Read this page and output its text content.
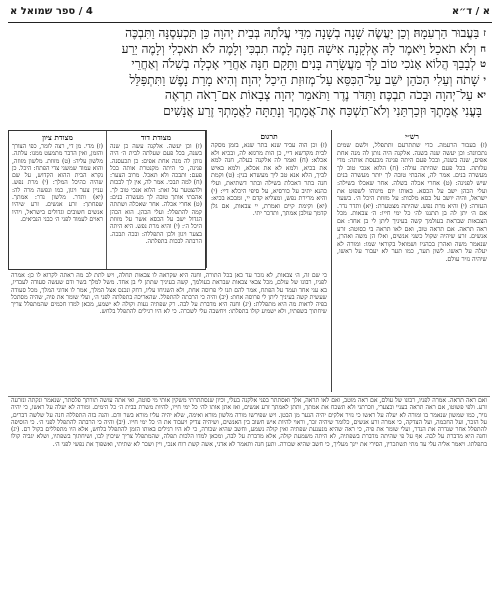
4 / ספר שמואל א	א / ד״א
ז
בַּעֲבוּר הַרְעִמָהּ׃ וְכֵן יַעֲשֶׂה שָׁנָה בְשָׁנָה מִדֵּי עֲלֹתָהּ בְּבֵית יְהוָה כֵּן תַּכְעִסֶנָּה וַתִּבְכֶּה
ח
וְלֹא תֹאכַל׃ וַיֹּאמֶר לָהּ אֶלְקָנָה אִישָׁהּ חַנָּה לָמֶה תִבְכִּי וְלָמֶה לֹא תֹאכְלִי וְלָמֶה יֵרַע
ט
לְבָבֵךְ הֲלוֹא אָנֹכִי טוֹב לָךְ מֵעֲשָׂרָה בָּנִים׃ וַתָּקָם חַנָּה אַחֲרֵי אָכְלָה בְשִׁלֹה וְאַחֲרֵי
י
שָׁתֹה וְעֵלִי הַכֹּהֵן יֹשֵׁב עַל־הַכִּסֵּא עַל־מְזוּזַת הֵיכַל יְהוָה׃ וְהִיא מָרַת נָפֶשׁ וַתִּתְפַּלֵּל
יא
עַל־יְהוָה וּבָכֹה תִבְכֶּה׃ וַתִּדֹּר נֶדֶר וַתֹּאמַר יְהוָה צְבָאוֹת אִם־רָאֹה תִרְאֶה
בָּעֳנִי אֲמָתֶךָ וּזְכַרְתַּנִי וְלֹא־תִשְׁכַּח אֶת־אֲמָתֶךָ וְנָתַתָּה לַאֲמָתְךָ זֶרַע אֲנָשִׁים
מצודת ציון
(ז) מדי. מן די, רצה לומר, כפי הצורך והזמן, ואין הדבר מתמעט ממנו: עלתה. מלשון עליה: (ט) מזוזת. מלשון מזוזה, והוא עמוד שמשני צדי הפתח: היכל. כן נקרא הבית ההוא הקדוש, על שם שהיה כהיכל המלך: (י) מרת נפש. עניין צער ויגון, כמו ונפשה מרה לה: (יא) ותדר. מלשון נדר: אמתך. שפחתך: זרע אנשים. זרע שיהיו אנשים חשובים וגדולים בישראל, ויהיו ראוים לעמוד לפני ה׳ כבני הנביאים.
מצודת דוד
(ז) וכן יעשה. אלקנה עשה כן שנה בשנה, בכל פעם שעלתה לבית ה׳ היה נותן לה מנה אחת אפים: כן תכעסנה. פנינה, כי היתה מקנטרת אותה בכל פעם: ותבכה ולא תאכל. מרוב הצער: (ח) למה תבכי. אמר לה, אין לך לבכות ולהצטער על זאת: הלוא אנכי טוב לך. אהבתי אותך טובה לך מעשרה בנים: (ט) אחרי אכלה. אחר שאכלה ושתתה קמה להתפלל: ועלי הכהן. הוא הכהן הגדול ישב על הכסא אשר על מזוזת היכל ה׳: (י) והיא מרת נפש. היא היתה בצער ויגון ולכן התפללה: ובכה תבכה. הרבתה לבכות בתפלתה.
תרגום
(ז) וכן הוה עביד שנא בתר שנא, בזמן מסקה לבית מקדשא דיי, כן הות מרגזא לה, ובכיא ולא אכלא: (ח) ואמר לה אלקנה בעלה, חנה למא את בכיא, ולמא לא את אכלא, ולמא באיש לביך, הלא אנא טב ליך מעשרא בנין: (ט) וקמת חנה בתר דאכלת בשילה ובתר דשתיאת, ועלי כהנא יתיב על כורסיא, על סיפי היכלא דיי: (י) והיא מרירת נפש, ומצליא קדם יי, ומבכא בכיא: (יא) וקימת קיים ואמרת, יי צבאות, אם גלן קדמך עולבן אמתך, ותדכר יתי.
רש״י
(ז) בעבור הרעמה. כדי שתתרעם ותתפלל, ולשם שמים נתכוונה: וכן יעשה שנה בשנה. אלקנה היה נותן לה מנה אחת אפים, שנה בשנה, ובכל פעם היתה פנינה מכעסת אותה: מדי עלותה. בכל פעם שהיתה עולה: (ח) הלוא אנכי טוב לך מעשרה בנים. אמר לה, אהבתי טובה לך יותר מעשרה בנים שיש לפנינה: (ט) אחרי אכלה בשלה. אחר שאכלו בשילה: ועלי הכהן ישב על הכסא. באותו יום מינוהו לשפוט את ישראל, והיה יושב על כסא מלכות: על מזוזת היכל ה׳. בשער העזרה: (י) והיא מרת נפש. שהיתה מצטערת: (יא) ותדר נדר. אם ה׳ יתן לה בן תתננו לה׳ כל ימי חייו: ה׳ צבאות. מכל הצבאות שבראת בעולמך קשה בעיניך ליתן לי בן אחד: אם ראה תראה. אם תראה טוב, ואם לאו תראה בי כסוטה: זרע אנשים. זרע שיהיה שקול כשני אנשים, ואלו הן משה ואהרן, שנאמר משה ואהרן בכהניו ושמואל בקוראי שמו: ומורה לא יעלה על ראשו. לשון תער, כמו תער לא יעבור על ראשו, שיהיה נזיר עולם.
כי שם זה, ה׳ צבאות, לא נזכר עד כאן בכל התורה, וחנה היא שקראה לו צבאות תחלה, ויש לתת לב מה ראתה לקרוא לו כן: אמרה לפניו, רבונו של עולם, מכל צבאי צבאות שבראת בעולמך, קשה בעיניך שתתן לי בן אחד. משל למלך בשר ודם שעשה סעודה לעבדיו, בא עני אחד ועמד על הפתח, אמר להם תנו לי פרוסה אחת, ולא השגיחו עליו, דחק ונכנס אצל המלך, אמר לו אדוני המלך, מכל סעודה שעשית קשה בעיניך ליתן לי פרוסה אחת: (יב) והיה כי הרבתה להתפלל. שהאריכה בתפלתה לפני ה׳, ועלי שומר את פיה, שהיה מסתכל בפיה לראות מה היא מתפללת: (יג) וחנה היא מדברת על לבה. רק שפתיה נעות וקולה לא ישמע, מכאן למדו חכמים שהמתפלל צריך שיחתוך בשפתיו, ולא ישמיע קולו בתפלתו: ויחשבה עלי לשכרה. כי לא היו רגילים להתפלל בלחש.
ואם ראה תראה. אמרה לפניו, רבונו של עולם, אם ראה מוטב, ואם לאו תראה, אלך ואסתתר בפני אלקנה בעלי, וכיון שנסתתרתי משקין אותי מי סוטה, ואי אתה עושה תורתך פלסתר, שנאמר ונקתה ונזרעה זרע. ולפי פשוטו, אם ראה תראה בעניי ובצערי, וזכרתני ולא תשכח את אמתך, ותתן לאמתך זרע אנשים, ואז אתן אותו לה׳ כל ימי חייו, להיות משרת בבית ה׳ כל הימים. ומורה לא יעלה על ראשו, כי יהיה נזיר, כמו שמשון שנאמר בו ומורה לא יעלה על ראשו כי נזיר אלקים יהיה הנער מן הבטן. ויש שפירשו מורה מלשון מורא ואימה, שלא יהיה עליו מורא בשר ודם. והנה בזה התפללה חנה על שלשה דברים, על הזכר, ועל החכמה, ועל הצדקה, כי אמרה זרע אנשים, כלומר שיהיה זכר, וראוי להיות איש חשוב בין האנשים, ושיהיה צדיק ויעבוד את ה׳ כל ימי חייו. (יב) והיה כי הרבתה להתפלל לפני ה׳. כי הוסיפה להתפלל אחר שנדרה את הנדר, ועלי שומר את פיה, כי ראה שהיא מנענעת שפתיה ואין קולה נשמע, וחשב שהיא שכורה, כי לא היו רגילים באותו הזמן להתפלל בלחש, אלא היו מתפללים בקול רם. (יג) וחנה היא מדברת על לבה. אף על פי שהיתה מדברת בשפתיה, לא היתה משמעת קולה, אלא מדברת על לבה, ומכאן למדו הלכות תפלה, שהמתפלל צריך שיכוין לבו, ושיחתוך בשפתיו, ושלא יגביה קולו בתפלתו. ויאמר אליה עלי עד מתי תשתכרין, הסירי את יינך מעליך, כי חשב שהיא שכורה. ותען חנה ותאמר לא אדני, אשה קשת רוח אנכי, ויין ושכר לא שתיתי, ואשפוך את נפשי לפני ה׳.
